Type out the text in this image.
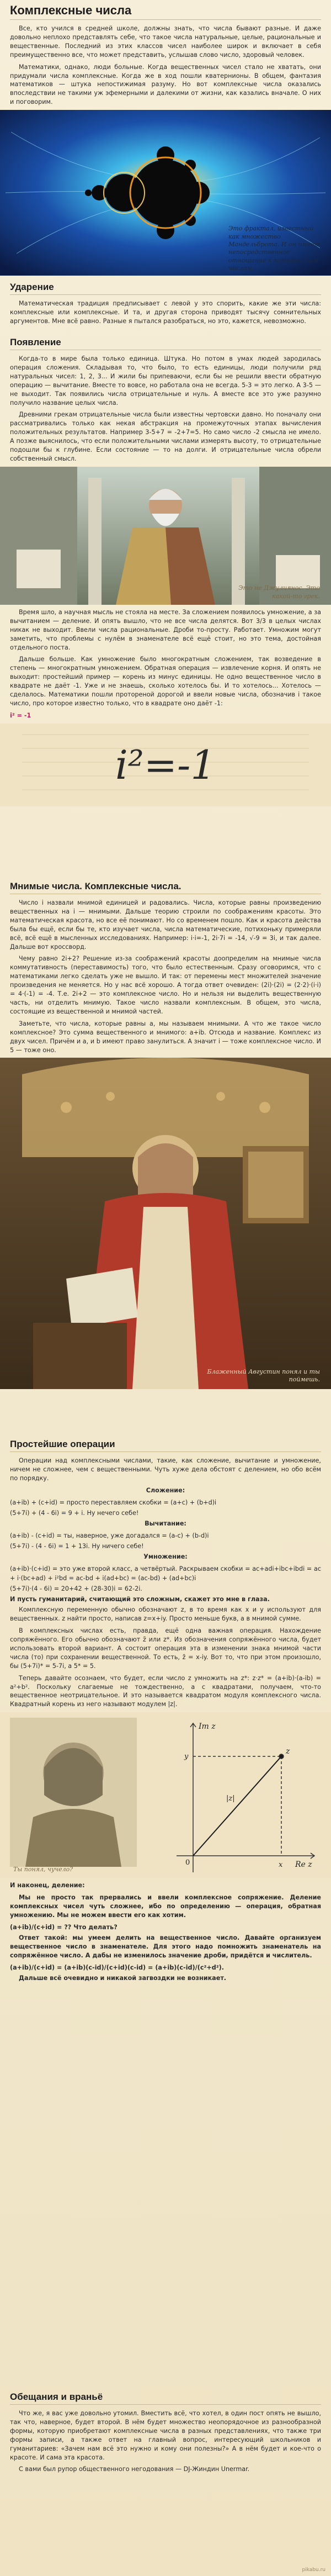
Комплексные числа

Все, кто учился в средней школе, должны знать, что числа бывают разные. И даже довольно неплохо представлять себе, что такое числа натуральные, целые, рациональные и вещественные. Последний из этих классов чисел наиболее широк и включает в себя преимущественно все, что может представить, услышав слово число, здоровый человек.

Математики, однако, люди больные. Когда вещественных чисел стало не хватать, они придумали числа комплексные. Когда же в ход пошли кватернионы. В общем, фантазия математиков — штука непостижимая разуму. Но вот комплексные числа оказались впоследствии не такими уж эфемерными и далекими от жизни, как казались вначале. О них и поговорим.

Это фрактал, известный как множество Мандельброта. И он имеет непосредственное отношение к комплексным числам.
Ударение

Математическая традиция предписывает с левой у это спорить, какие же эти числа: комплексные или комплексные. И та, и другая сторона приводят тысячу сомнительных аргументов. Мне всё равно. Разные я пытался разобраться, но это, кажется, невозможно.

Появление

Когда-то в мире была только единица. Штука. Но потом в умах людей зародилась операция сложения. Складывая то, что было, то есть единицы, люди получили ряд натуральных чисел: 1, 2, 3... И жили бы припеваючи, если бы не решили ввести обратную операцию — вычитание. Вместе то вовсе, но работала она не всегда. 5-3 = это легко. А 3-5 — не выходит. Так появились числа отрицательные и нуль. А вместе все это уже разумно получило название целых числа.

Древними грекам отрицательные числа были известны чертовски давно. Но поначалу они рассматривались только как некая абстракция на промежуточных этапах вычисления положительных результатов. Например 3-5+7 = -2+7=5. Но само число -2 смысла не имело. А позже выяснилось, что если положительными числами измерять высоту, то отрицательные подошли бы к глубине. Если состояние — то на долги. И отрицательные числа обрели собственный смысл.

Это не Джулиянос. Это какой-то грек.

Время шло, а научная мысль не стояла на месте. За сложением появилось умножение, а за вычитанием — деление. И опять вышло, что не все числа делятся. Вот 3/3 в целых числах никак не выходит. Ввели числа рациональные. Дроби то-просту. Работает. Умножим могут заметить, что проблемы с нулём в знаменателе всё ещё стоит, но это тема, достойная отдельного поста.

Дальше больше. Как умножение было многократным сложением, так возведение в степень — многократным умножением. Обратная операция — извлечение корня. И опять не выходит: простейший пример — корень из минус единицы. Не одно вещественное число в квадрате не даёт -1. Уже и не знаешь, сколько хотелось бы. И то хотелось... Хотелось — сделалось. Математики пошли протореной дорогой и ввели новые числа, обозначив i такое число, про которое известно только, что в квадрате оно даёт -1:

i² = -1

i²=-1
Мнимые числа. Комплексные числа.

Число i назвали мнимой единицей и радовались. Числа, которые равны произведению вещественных на i — мнимыми. Дальше теорию строили по соображениям красоты. Это математическая красота, но все её понимают. Но со временем пошло. Как и красота действа была бы ещё, если бы те, кто изучает числа, числа математические, потихоньку примеряли всё, всё ещё в мысленных исследованиях. Например: i·i=-1, 2i·7i = -14, √-9 = 3i, и так далее. Дальше вот кроссворд.

Чему равно 2i+2? Решение из-за соображений красоты доопределим на мнимые числа коммутативность (переставимость) того, что было естественным. Сразу оговоримся, что с математиками легко сделать уже не вышло. И так: от перемены мест множителей значение произведения не меняется. Но у нас всё хорошо. А тогда ответ очевиден: (2i)·(2i) = (2·2)·(i·i) = 4·(-1) = -4. Т.е. 2i+2 — это комплексное число. Но и нельзя ни выделить вещественную часть, ни отделить мнимую. Такое число назвали комплексным. В общем, это числа, состоящие из вещественной и мнимой частей.

Заметьте, что числа, которые равны a, мы называем мнимыми. А что же такое число комплексное? Это сумма вещественного и мнимого: a+ib. Отсюда и название. Комплекс из двух чисел. Причём и a, и b имеют право занулиться. А значит i — тоже комплексное число. И 5 — тоже оно.

Блаженный Августин понял и ты поймешь.
Простейшие операции

Операции над комплексными числами, такие, как сложение, вычитание и умножение, ничем не сложнее, чем с вещественными. Чуть хуже дела обстоят с делением, но обо всём по порядку.

Сложение:

(a+ib) + (c+id) = просто переставляем скобки = (a+c) + (b+d)i

(5+7i) + (4 - 6i) = 9 + i. Ну нечего себе!

Вычитание:

(a+ib) - (c+id) = ты, наверное, уже догадался = (a-c) + (b-d)i

(5+7i) - (4 - 6i) = 1 + 13i. Ну ничего себе!

Умножение:

(a+ib)·(c+id) = это уже второй класс, а четвёртый. Раскрываем скобки = ac+adi+ibc+ibdi = ac + i·(bc+ad) + i²bd = ac-bd + i(ad+bc) = (ac-bd) + (ad+bc)i

(5+7i)·(4 - 6i) = 20+42 + (28-30)i = 62-2i.

И пусть гуманитарий, считающий это сложным, скажет это мне в глаза.

Комплексную переменную обычно обозначают z, в то время как x и y используют для вещественных. z найти просто, написав z=x+iy. Просто меньше букв, а в мнимой сумме.

В комплексных числах есть, правда, ещё одна важная операция. Нахождение сопряжённого. Его обычно обозначают z̄ или z*. Из обозначения сопряжённого числа, будет использовать второй вариант. А состоит операция эта в изменении знака мнимой части числа (то) при сохранении вещественной. То есть, z̄ = x-iy. Вот то, что при этом произошло, бы (5+7i)* = 5-7i, а 5* = 5.

Теперь давайте осознаем, что будет, если число z умножить на z*: z·z* = (a+ib)·(a-ib) = a²+b². Поскольку слагаемые не тождественно, а с квадратами, получаем, что-то вещественное неотрицательное. И это называется квадратом модуля комплексного числа. Квадратный корень из него называют модулем |z|.

Im z
Re z
z
x
y
|z|
0
Ты понял, чучело?

И наконец, деление:

Мы не просто так прервались и ввели комплексное сопряжение. Деление комплексных чисел чуть сложнее, ибо по определению — операция, обратная умножению. Мы не можем ввести его как хотим.

(a+ib)/(c+id) = ?? Что делать?

Ответ такой: мы умеем делить на вещественное число. Давайте организуем вещественное число в знаменателе. Для этого надо помножить знаменатель на сопряжённое число. А дабы не изменилось значение дроби, придётся и числитель.

(a+ib)/(c+id) = (a+ib)(c-id)/(c+id)(c-id) = (a+ib)(c-id)/(c²+d²).

Дальше всё очевидно и никакой загвоздки не возникает.

Обещания и враньё

Что же, я вас уже довольно утомил. Вместить всё, что хотел, в один пост опять не вышло, так что, наверное, будет второй. В нём будет множество неопорядочное из разнообразной формы, которую приобретают комплексные числа в разных представлениях, что также три формы записи, а также ответ на главный вопрос, интересующий школьников и гуманитариев: «Зачем нам всё это нужно и кому они полезны?» А в нём будет и кое-что о красоте. И сама эта красота.

С вами был рупор общественного негодования — DJ-Жиндин Unermar.

pikabu.ru
